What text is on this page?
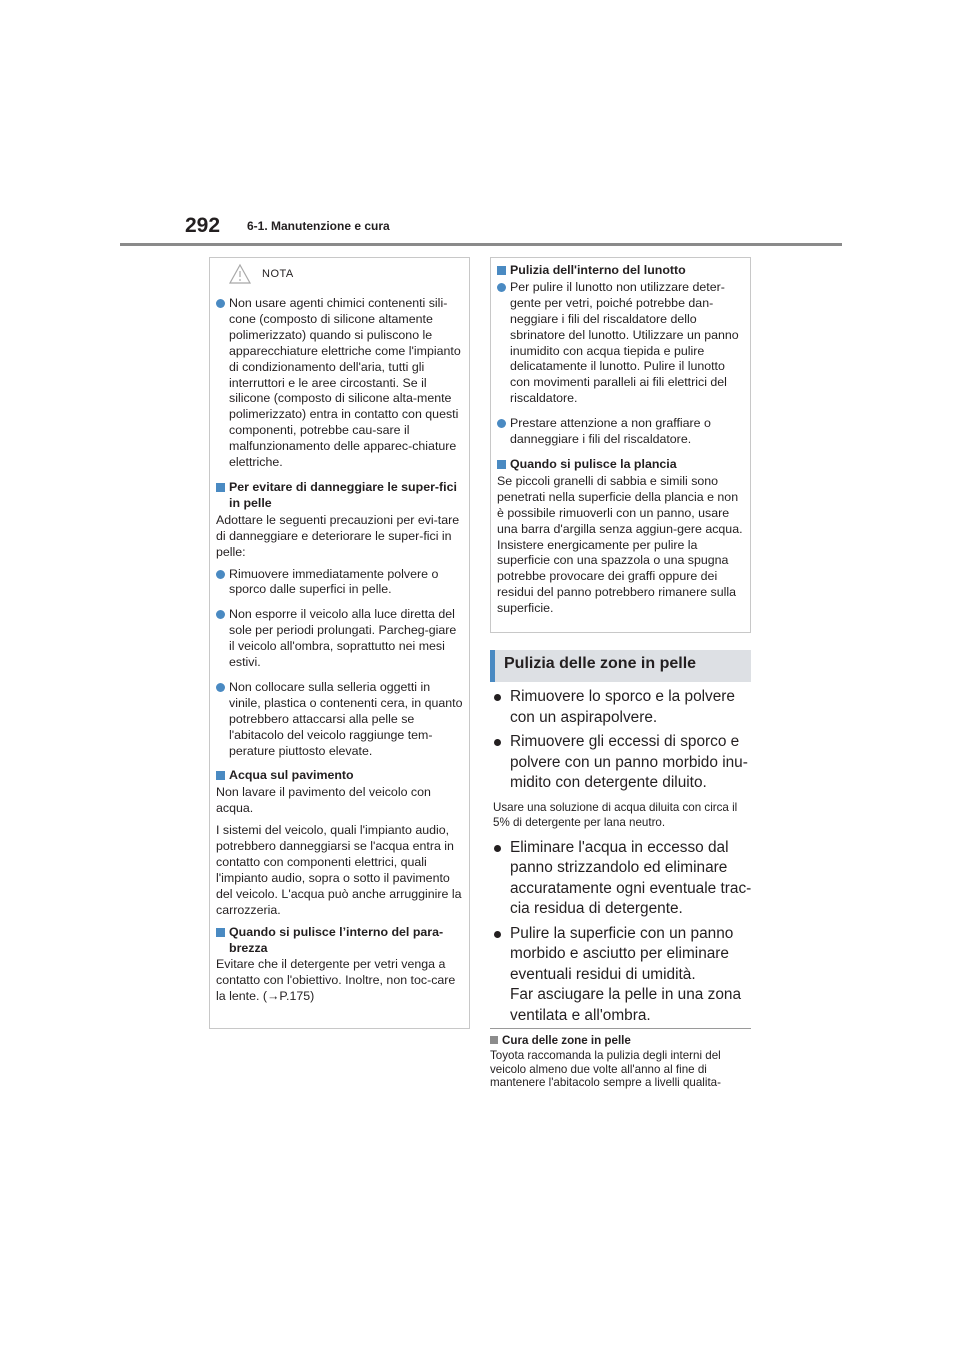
292 6-1. Manutenzione e cura
NOTA
Non usare agenti chimici contenenti sili-cone (composto di silicone altamente polimerizzato) quando si puliscono le apparecchiature elettriche come l'impianto di condizionamento dell'aria, tutti gli interruttori e le aree circostanti. Se il silicone (composto di silicone alta-mente polimerizzato) entra in contatto con questi componenti, potrebbe cau-sare il malfunzionamento delle apparec-chiature elettriche.
Per evitare di danneggiare le super-fici in pelle

Adottare le seguenti precauzioni per evi-tare di danneggiare e deteriorare le super-fici in pelle:

Rimuovere immediatamente polvere o sporco dalle superfici in pelle.
Non esporre il veicolo alla luce diretta del sole per periodi prolungati. Parcheg-giare il veicolo all'ombra, soprattutto nei mesi estivi.
Non collocare sulla selleria oggetti in vinile, plastica o contenenti cera, in quanto potrebbero attaccarsi alla pelle se l'abitacolo del veicolo raggiunge tem-perature piuttosto elevate.
Acqua sul pavimento

Non lavare il pavimento del veicolo con acqua.

I sistemi del veicolo, quali l'impianto audio, potrebbero danneggiarsi se l'acqua entra in contatto con componenti elettrici, quali l'impianto audio, sopra o sotto il pavimento del veicolo. L'acqua può anche arrugginire la carrozzeria.

Quando si pulisce l’interno del para-brezza

Evitare che il detergente per vetri venga a contatto con l'obiettivo. Inoltre, non toc-care la lente. (→P.175)

Pulizia dell'interno del lunotto
Per pulire il lunotto non utilizzare deter-gente per vetri, poiché potrebbe dan-neggiare i fili del riscaldatore dello sbrinatore del lunotto. Utilizzare un panno inumidito con acqua tiepida e pulire delicatamente il lunotto. Pulire il lunotto con movimenti paralleli ai fili elettrici del riscaldatore.
Prestare attenzione a non graffiare o danneggiare i fili del riscaldatore.
Quando si pulisce la plancia

Se piccoli granelli di sabbia e simili sono penetrati nella superficie della plancia e non è possibile rimuoverli con un panno, usare una barra d'argilla senza aggiun-gere acqua. Insistere energicamente per pulire la superficie con una spazzola o una spugna potrebbe provocare dei graffi oppure dei residui del panno potrebbero rimanere sulla superficie.

Pulizia delle zone in pelle
Rimuovere lo sporco e la polvere con un aspirapolvere.
Rimuovere gli eccessi di sporco e polvere con un panno morbido inu-midito con detergente diluito.

Usare una soluzione di acqua diluita con circa il 5% di detergente per lana neutro.

Eliminare l'acqua in eccesso dal panno strizzandolo ed eliminare accuratamente ogni eventuale trac-cia residua di detergente.
Pulire la superficie con un panno morbido e asciutto per eliminare eventuali residui di umidità.
Far asciugare la pelle in una zona ventilata e all'ombra.
Cura delle zone in pelle
Toyota raccomanda la pulizia degli interni del veicolo almeno due volte all'anno al fine di mantenere l'abitacolo sempre a livelli qualita-
